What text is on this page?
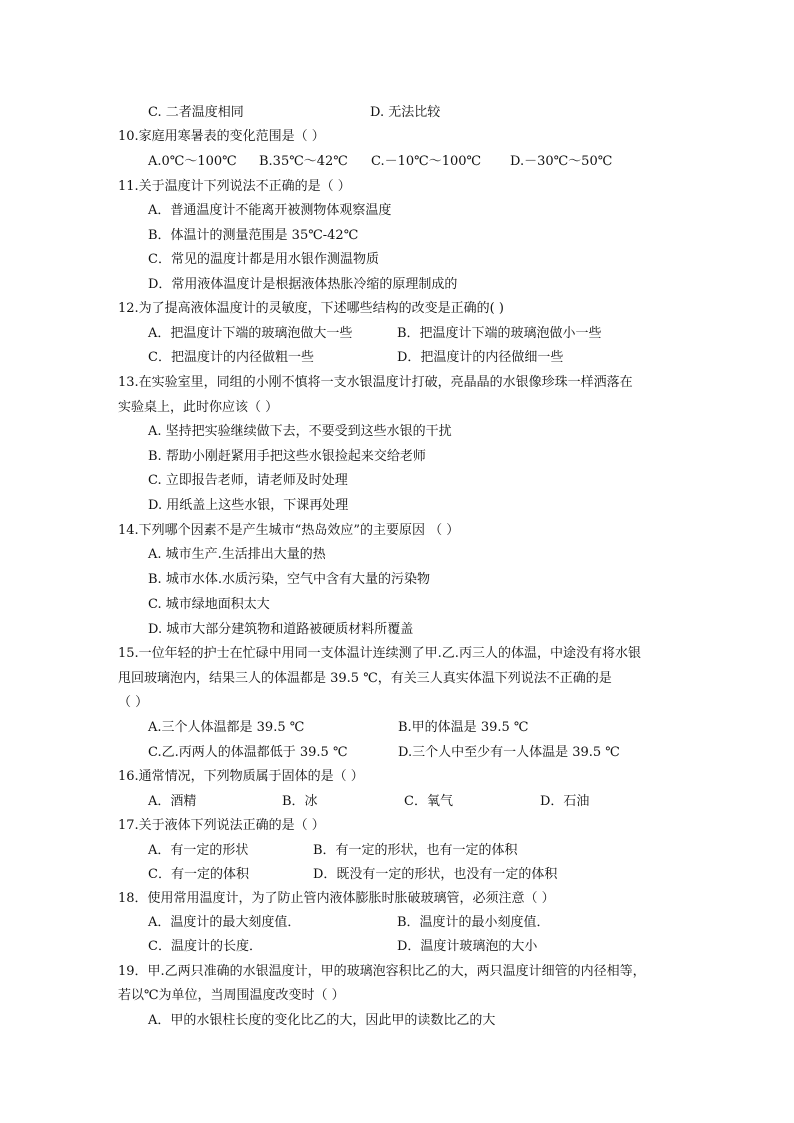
C. 二者温度相同	D. 无法比较
10.家庭用寒暑表的变化范围是（ ）
A.0℃～100℃ B.35℃～42℃ C.－10℃～100℃ D.－30℃～50℃
11.关于温度计下列说法不正确的是（ ）
A．普通温度计不能离开被测物体观察温度
B．体温计的测量范围是 35℃-42℃
C．常见的温度计都是用水银作测温物质
D．常用液体温度计是根据液体热胀冷缩的原理制成的
12.为了提高液体温度计的灵敏度，下述哪些结构的改变是正确的( )
A．把温度计下端的玻璃泡做大一些	B．把温度计下端的玻璃泡做小一些
C．把温度计的内径做粗一些	D．把温度计的内径做细一些
13.在实验室里，同组的小刚不慎将一支水银温度计打破，亮晶晶的水银像珍珠一样洒落在
实验桌上，此时你应该（ ）
A. 坚持把实验继续做下去，不要受到这些水银的干扰
B. 帮助小刚赶紧用手把这些水银捡起来交给老师
C. 立即报告老师，请老师及时处理
D. 用纸盖上这些水银，下课再处理
14.下列哪个因素不是产生城市“热岛效应”的主要原因 （ ）
A. 城市生产.生活排出大量的热
B. 城市水体.水质污染，空气中含有大量的污染物
C. 城市绿地面积太大
D. 城市大部分建筑物和道路被硬质材料所覆盖
15.一位年轻的护士在忙碌中用同一支体温计连续测了甲.乙.丙三人的体温，中途没有将水银
甩回玻璃泡内，结果三人的体温都是 39.5 ℃，有关三人真实体温下列说法不正确的是
（ ）
A.三个人体温都是 39.5 ℃	B.甲的体温是 39.5 ℃
C.乙.丙两人的体温都低于 39.5 ℃	D.三个人中至少有一人体温是 39.5 ℃
16.通常情况，下列物质属于固体的是（ ）
A．酒精	B．冰	C．氧气	D．石油
17.关于液体下列说法正确的是（ ）
A．有一定的形状	B．有一定的形状，也有一定的体积
C．有一定的体积	D．既没有一定的形状，也没有一定的体积
18．使用常用温度计，为了防止管内液体膨胀时胀破玻璃管，必须注意（ ）
A．温度计的最大刻度值．	B．温度计的最小刻度值．
C．温度计的长度．	D．温度计玻璃泡的大小
19．甲.乙两只准确的水银温度计，甲的玻璃泡容积比乙的大，两只温度计细管的内径相等，
若以℃为单位，当周围温度改变时（ ）
A．甲的水银柱长度的变化比乙的大，因此甲的读数比乙的大
